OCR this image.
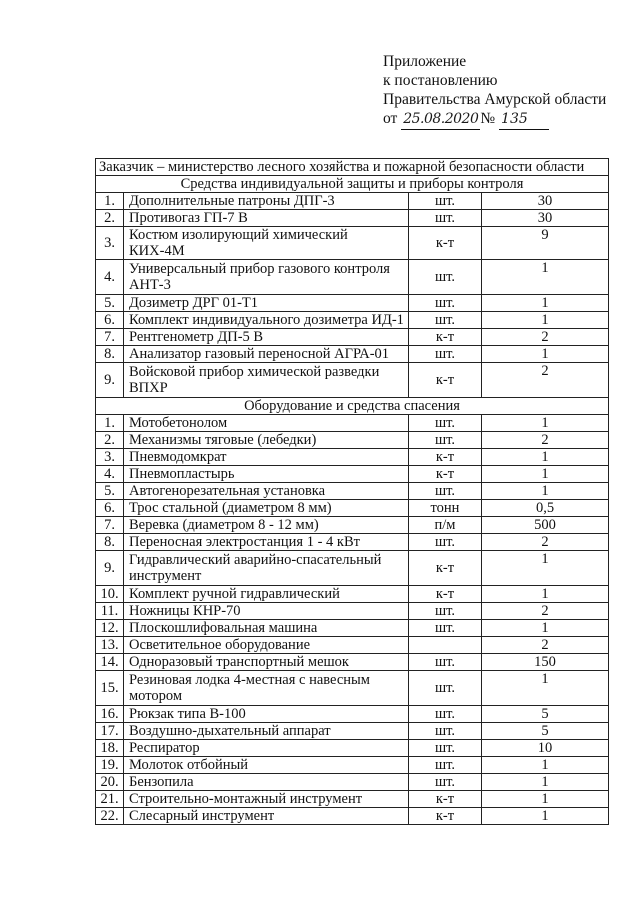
Приложение
к постановлению
Правительства Амурской области
от 25.08.2020 № 135
Заказчик – министерство лесного хозяйства и пожарной безопасности области			
Средства индивидуальной защиты и приборы контроля			
1.	Дополнительные патроны ДПГ-3	шт.	30
2.	Противогаз ГП-7 В	шт.	30
3.	Костюм изолирующий химический КИХ-4М	к-т	9
4.	Универсальный прибор газового контроля АНТ-3	шт.	1
5.	Дозиметр ДРГ 01-Т1	шт.	1
6.	Комплект индивидуального дозиметра ИД-1	шт.	1
7.	Рентгенометр ДП-5 В	к-т	2
8.	Анализатор газовый переносной АГРА-01	шт.	1
9.	Войсковой прибор химической разведки ВПХР	к-т	2
Оборудование и средства спасения			
1.	Мотобетонолом	шт.	1
2.	Механизмы тяговые (лебедки)	шт.	2
3.	Пневмодомкрат	к-т	1
4.	Пневмопластырь	к-т	1
5.	Автогенорезательная установка	шт.	1
6.	Трос стальной (диаметром 8 мм)	тонн	0,5
7.	Веревка (диаметром 8 - 12 мм)	п/м	500
8.	Переносная электростанция 1 - 4 кВт	шт.	2
9.	Гидравлический аварийно-спасательный инструмент	к-т	1
10.	Комплект ручной гидравлический	к-т	1
11.	Ножницы КНР-70	шт.	2
12.	Плоскошлифовальная машина	шт.	1
13.	Осветительное оборудование		2
14.	Одноразовый транспортный мешок	шт.	150
15.	Резиновая лодка 4-местная с навесным мотором	шт.	1
16.	Рюкзак типа В-100	шт.	5
17.	Воздушно-дыхательный аппарат	шт.	5
18.	Респиратор	шт.	10
19.	Молоток отбойный	шт.	1
20.	Бензопила	шт.	1
21.	Строительно-монтажный инструмент	к-т	1
22.	Слесарный инструмент	к-т	1
